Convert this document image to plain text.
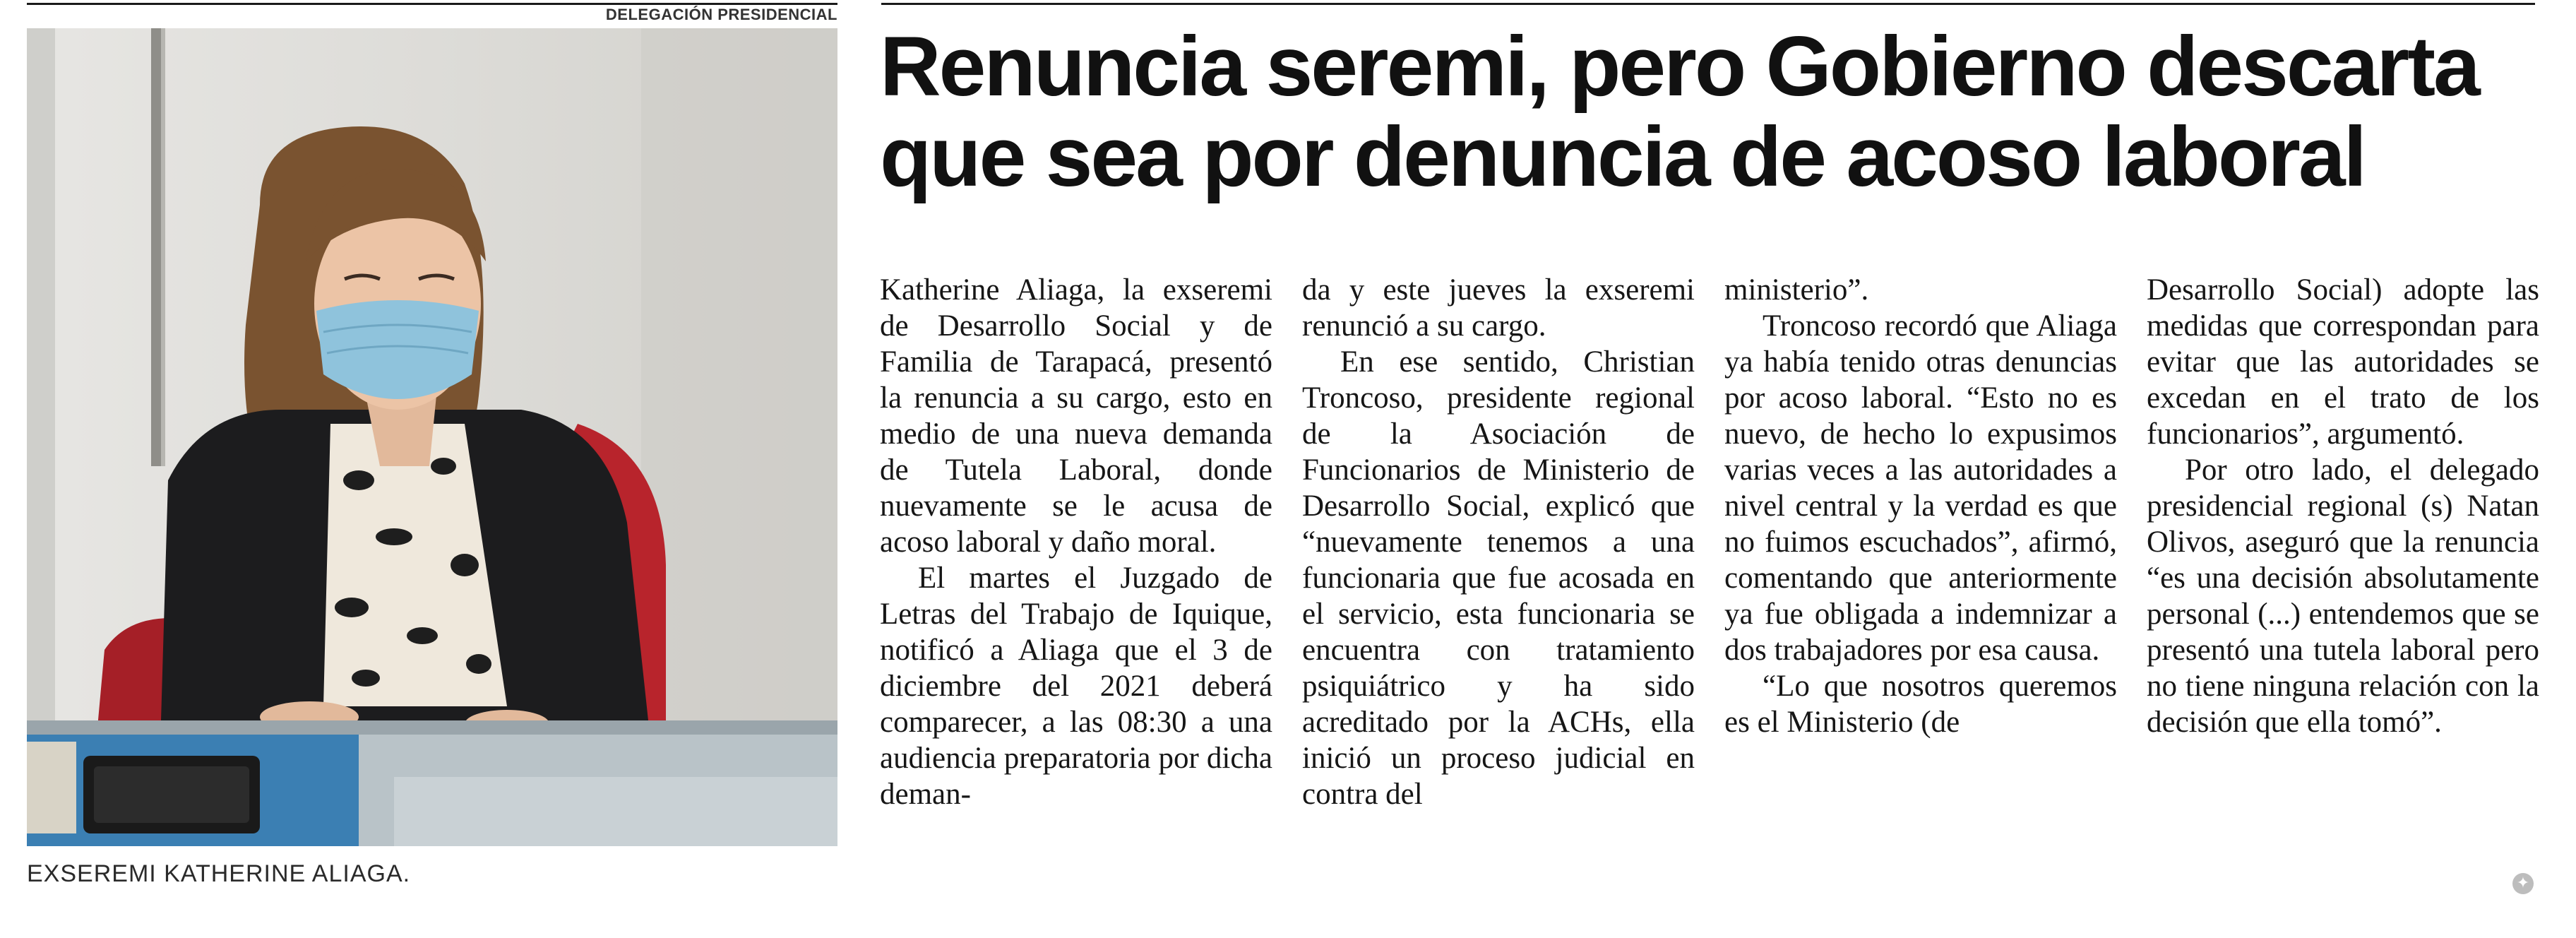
DELEGACIÓN PRESIDENCIAL
EXSEREMI KATHERINE ALIAGA.
Renuncia seremi, pero Gobierno descarta que sea por denuncia de acoso laboral

Katherine Aliaga, la exseremi de Desarrollo Social y de Familia de Tarapacá, presentó la renuncia a su cargo, esto en medio de una nueva demanda de Tutela Laboral, donde nuevamente se le acusa de acoso laboral y daño moral.

El martes el Juzgado de Letras del Trabajo de Iquique, notificó a Aliaga que el 3 de diciembre del 2021 deberá comparecer, a las 08:30 a una audiencia preparatoria por dicha deman-

da y este jueves la exseremi renunció a su cargo.

En ese sentido, Christian Troncoso, presidente regional de la Asociación de Funcionarios de Ministerio de Desarrollo Social, explicó que “nuevamente tenemos a una funcionaria que fue acosada en el servicio, esta funcionaria se encuentra con tratamiento psiquiátrico y ha sido acreditado por la ACHs, ella inició un proceso judicial en contra del

ministerio”.

Troncoso recordó que Aliaga ya había tenido otras denuncias por acoso laboral. “Esto no es nuevo, de hecho lo expusimos varias veces a las autoridades a nivel central y la verdad es que no fuimos escuchados”, afirmó, comentando que anteriormente ya fue obligada a indemnizar a dos trabajadores por esa causa.

“Lo que nosotros queremos es el Ministerio (de

Desarrollo Social) adopte las medidas que correspondan para evitar que las autoridades se excedan en el trato de los funcionarios”, argumentó.

Por otro lado, el delegado presidencial regional (s) Natan Olivos, aseguró que la renuncia “es una decisión absolutamente personal (...) entendemos que se presentó una tutela laboral pero no tiene ninguna relación con la decisión que ella tomó”.

✦
